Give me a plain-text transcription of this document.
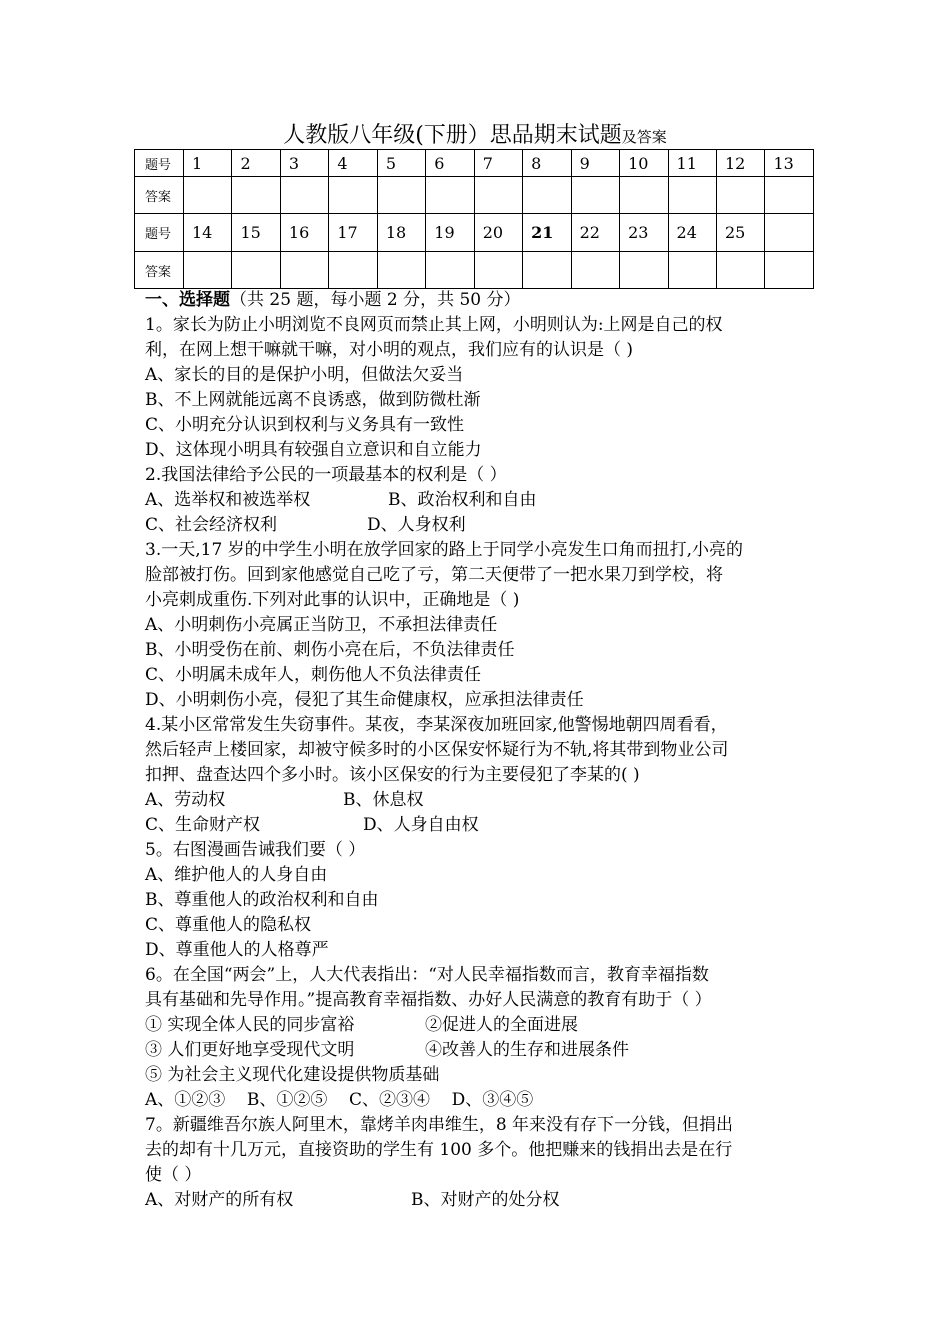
人教版八年级(下册）思品期末试题及答案
题号	1	2	3	4	5	6	7	8	9	10	11	12	13
答案													
题号	14	15	16	17	18	19	20	21	22	23	24	25	
答案													
一、选择题（共 25 题，每小题 2 分，共 50 分）
1。家长为防止小明浏览不良网页而禁止其上网，小明则认为:上网是自己的权
利，在网上想干嘛就干嘛，对小明的观点，我们应有的认识是（ )
A、家长的目的是保护小明，但做法欠妥当
B、不上网就能远离不良诱惑，做到防微杜渐
C、小明充分认识到权利与义务具有一致性
D、这体现小明具有较强自立意识和自立能力
2.我国法律给予公民的一项最基本的权利是（ ）
A、选举权和被选举权	B、政治权利和自由
C、社会经济权利	D、人身权利
3.一天,17 岁的中学生小明在放学回家的路上于同学小亮发生口角而扭打,小亮的
脸部被打伤。回到家他感觉自己吃了亏，第二天便带了一把水果刀到学校，将
小亮刺成重伤.下列对此事的认识中，正确地是（ )
A、小明刺伤小亮属正当防卫，不承担法律责任
B、小明受伤在前、刺伤小亮在后，不负法律责任
C、小明属未成年人，刺伤他人不负法律责任
D、小明刺伤小亮，侵犯了其生命健康权，应承担法律责任
4.某小区常常发生失窃事件。某夜，李某深夜加班回家,他警惕地朝四周看看，
然后轻声上楼回家，却被守候多时的小区保安怀疑行为不轨,将其带到物业公司
扣押、盘查达四个多小时。该小区保安的行为主要侵犯了李某的( )
A、劳动权	B、休息权
C、生命财产权	D、人身自由权
5。右图漫画告诫我们要（ ）
A、维护他人的人身自由
B、尊重他人的政治权利和自由
C、尊重他人的隐私权
D、尊重他人的人格尊严
6。在全国“两会”上，人大代表指出：“对人民幸福指数而言，教育幸福指数
具有基础和先导作用。”提高教育幸福指数、办好人民满意的教育有助于（ ）
① 实现全体人民的同步富裕	②促进人的全面进展
③ 人们更好地享受现代文明	④改善人的生存和进展条件
⑤ 为社会主义现代化建设提供物质基础
A、①②③    B、①②⑤    C、②③④    D、③④⑤
7。新疆维吾尔族人阿里木，靠烤羊肉串维生，8 年来没有存下一分钱，但捐出
去的却有十几万元，直接资助的学生有 100 多个。他把赚来的钱捐出去是在行
使（ ）
A、对财产的所有权	B、对财产的处分权
